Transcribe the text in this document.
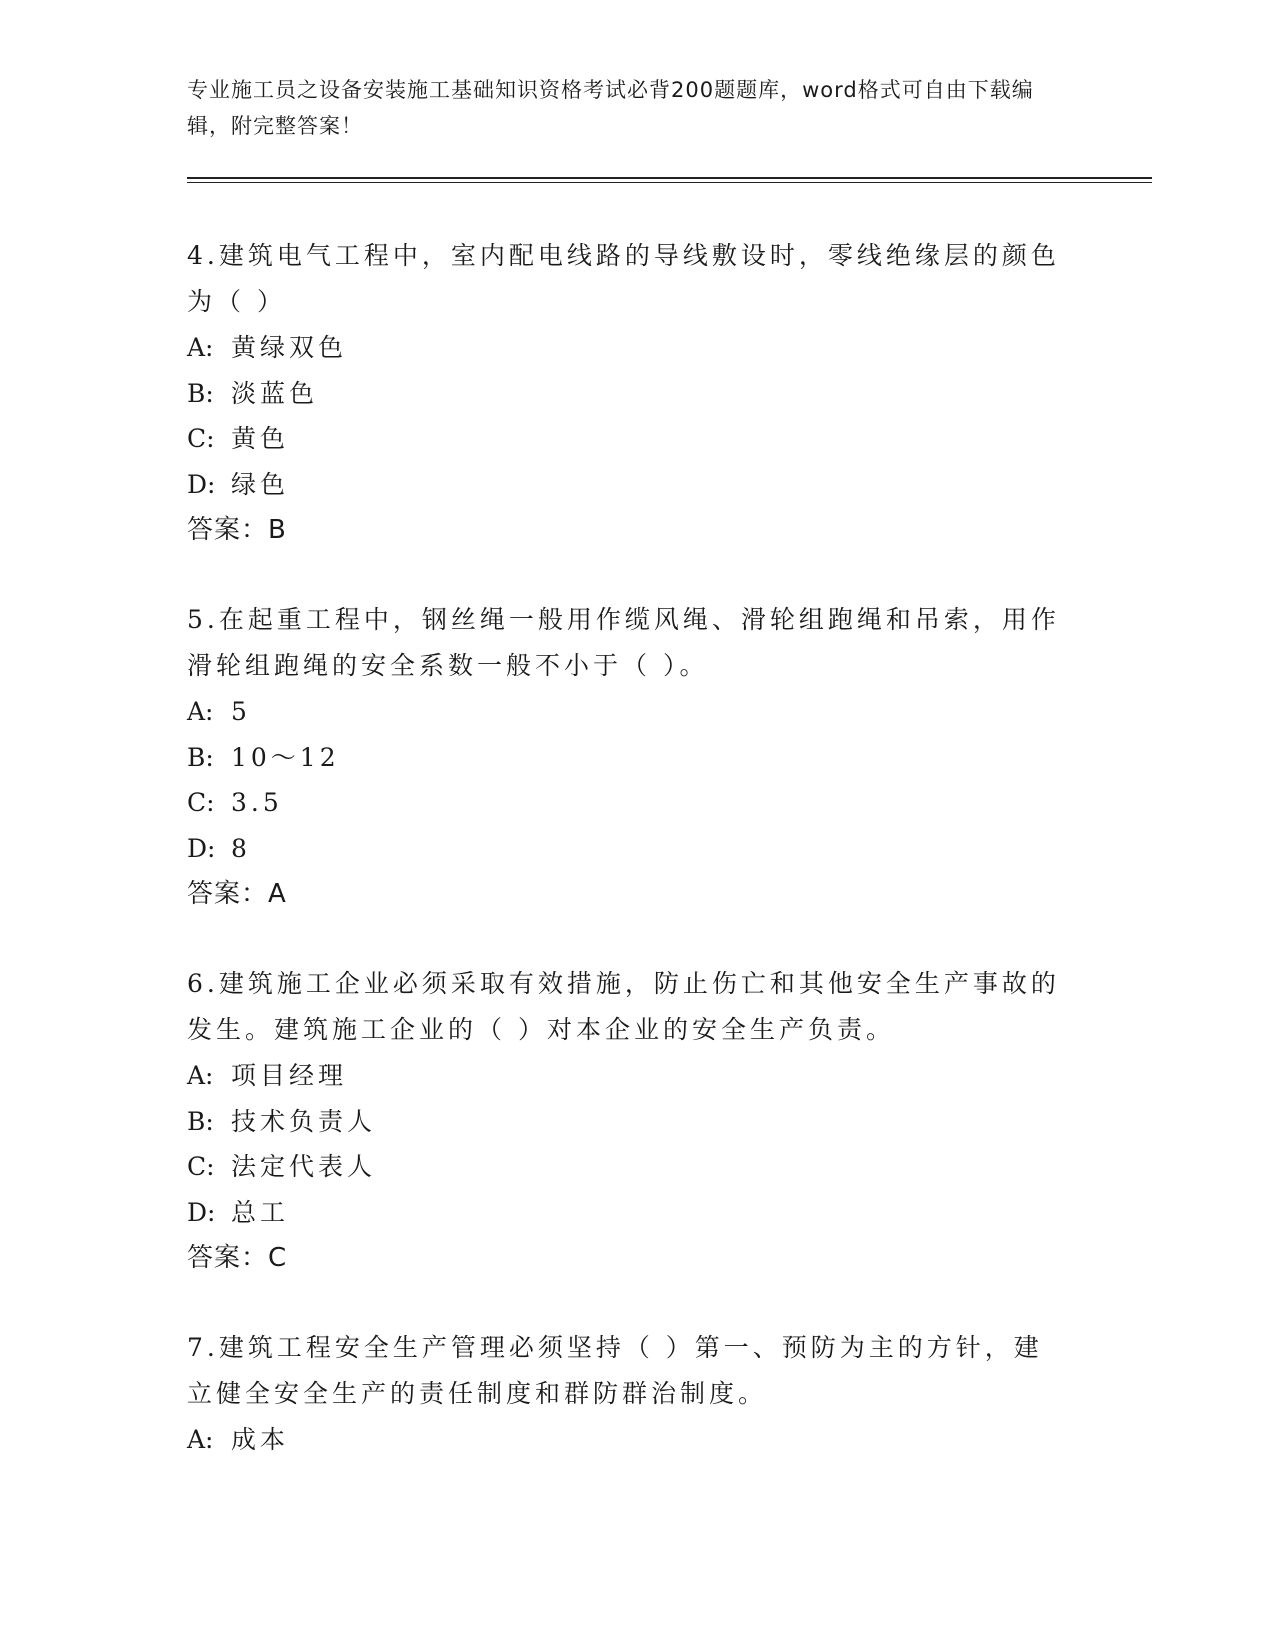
专业施工员之设备安装施工基础知识资格考试必背200题题库，word格式可自由下载编辑，附完整答案！

4.建筑电气工程中，室内配电线路的导线敷设时，零线绝缘层的颜色为（ ）

A: 黄绿双色

B: 淡蓝色

C: 黄色

D: 绿色

答案：B

5.在起重工程中，钢丝绳一般用作缆风绳、滑轮组跑绳和吊索，用作滑轮组跑绳的安全系数一般不小于（ ）。

A: 5

B: 10～12

C: 3.5

D: 8

答案：A

6.建筑施工企业必须采取有效措施，防止伤亡和其他安全生产事故的发生。建筑施工企业的（ ）对本企业的安全生产负责。

A: 项目经理

B: 技术负责人

C: 法定代表人

D: 总工

答案：C

7.建筑工程安全生产管理必须坚持（ ）第一、预防为主的方针，建立健全安全生产的责任制度和群防群治制度。

A: 成本
